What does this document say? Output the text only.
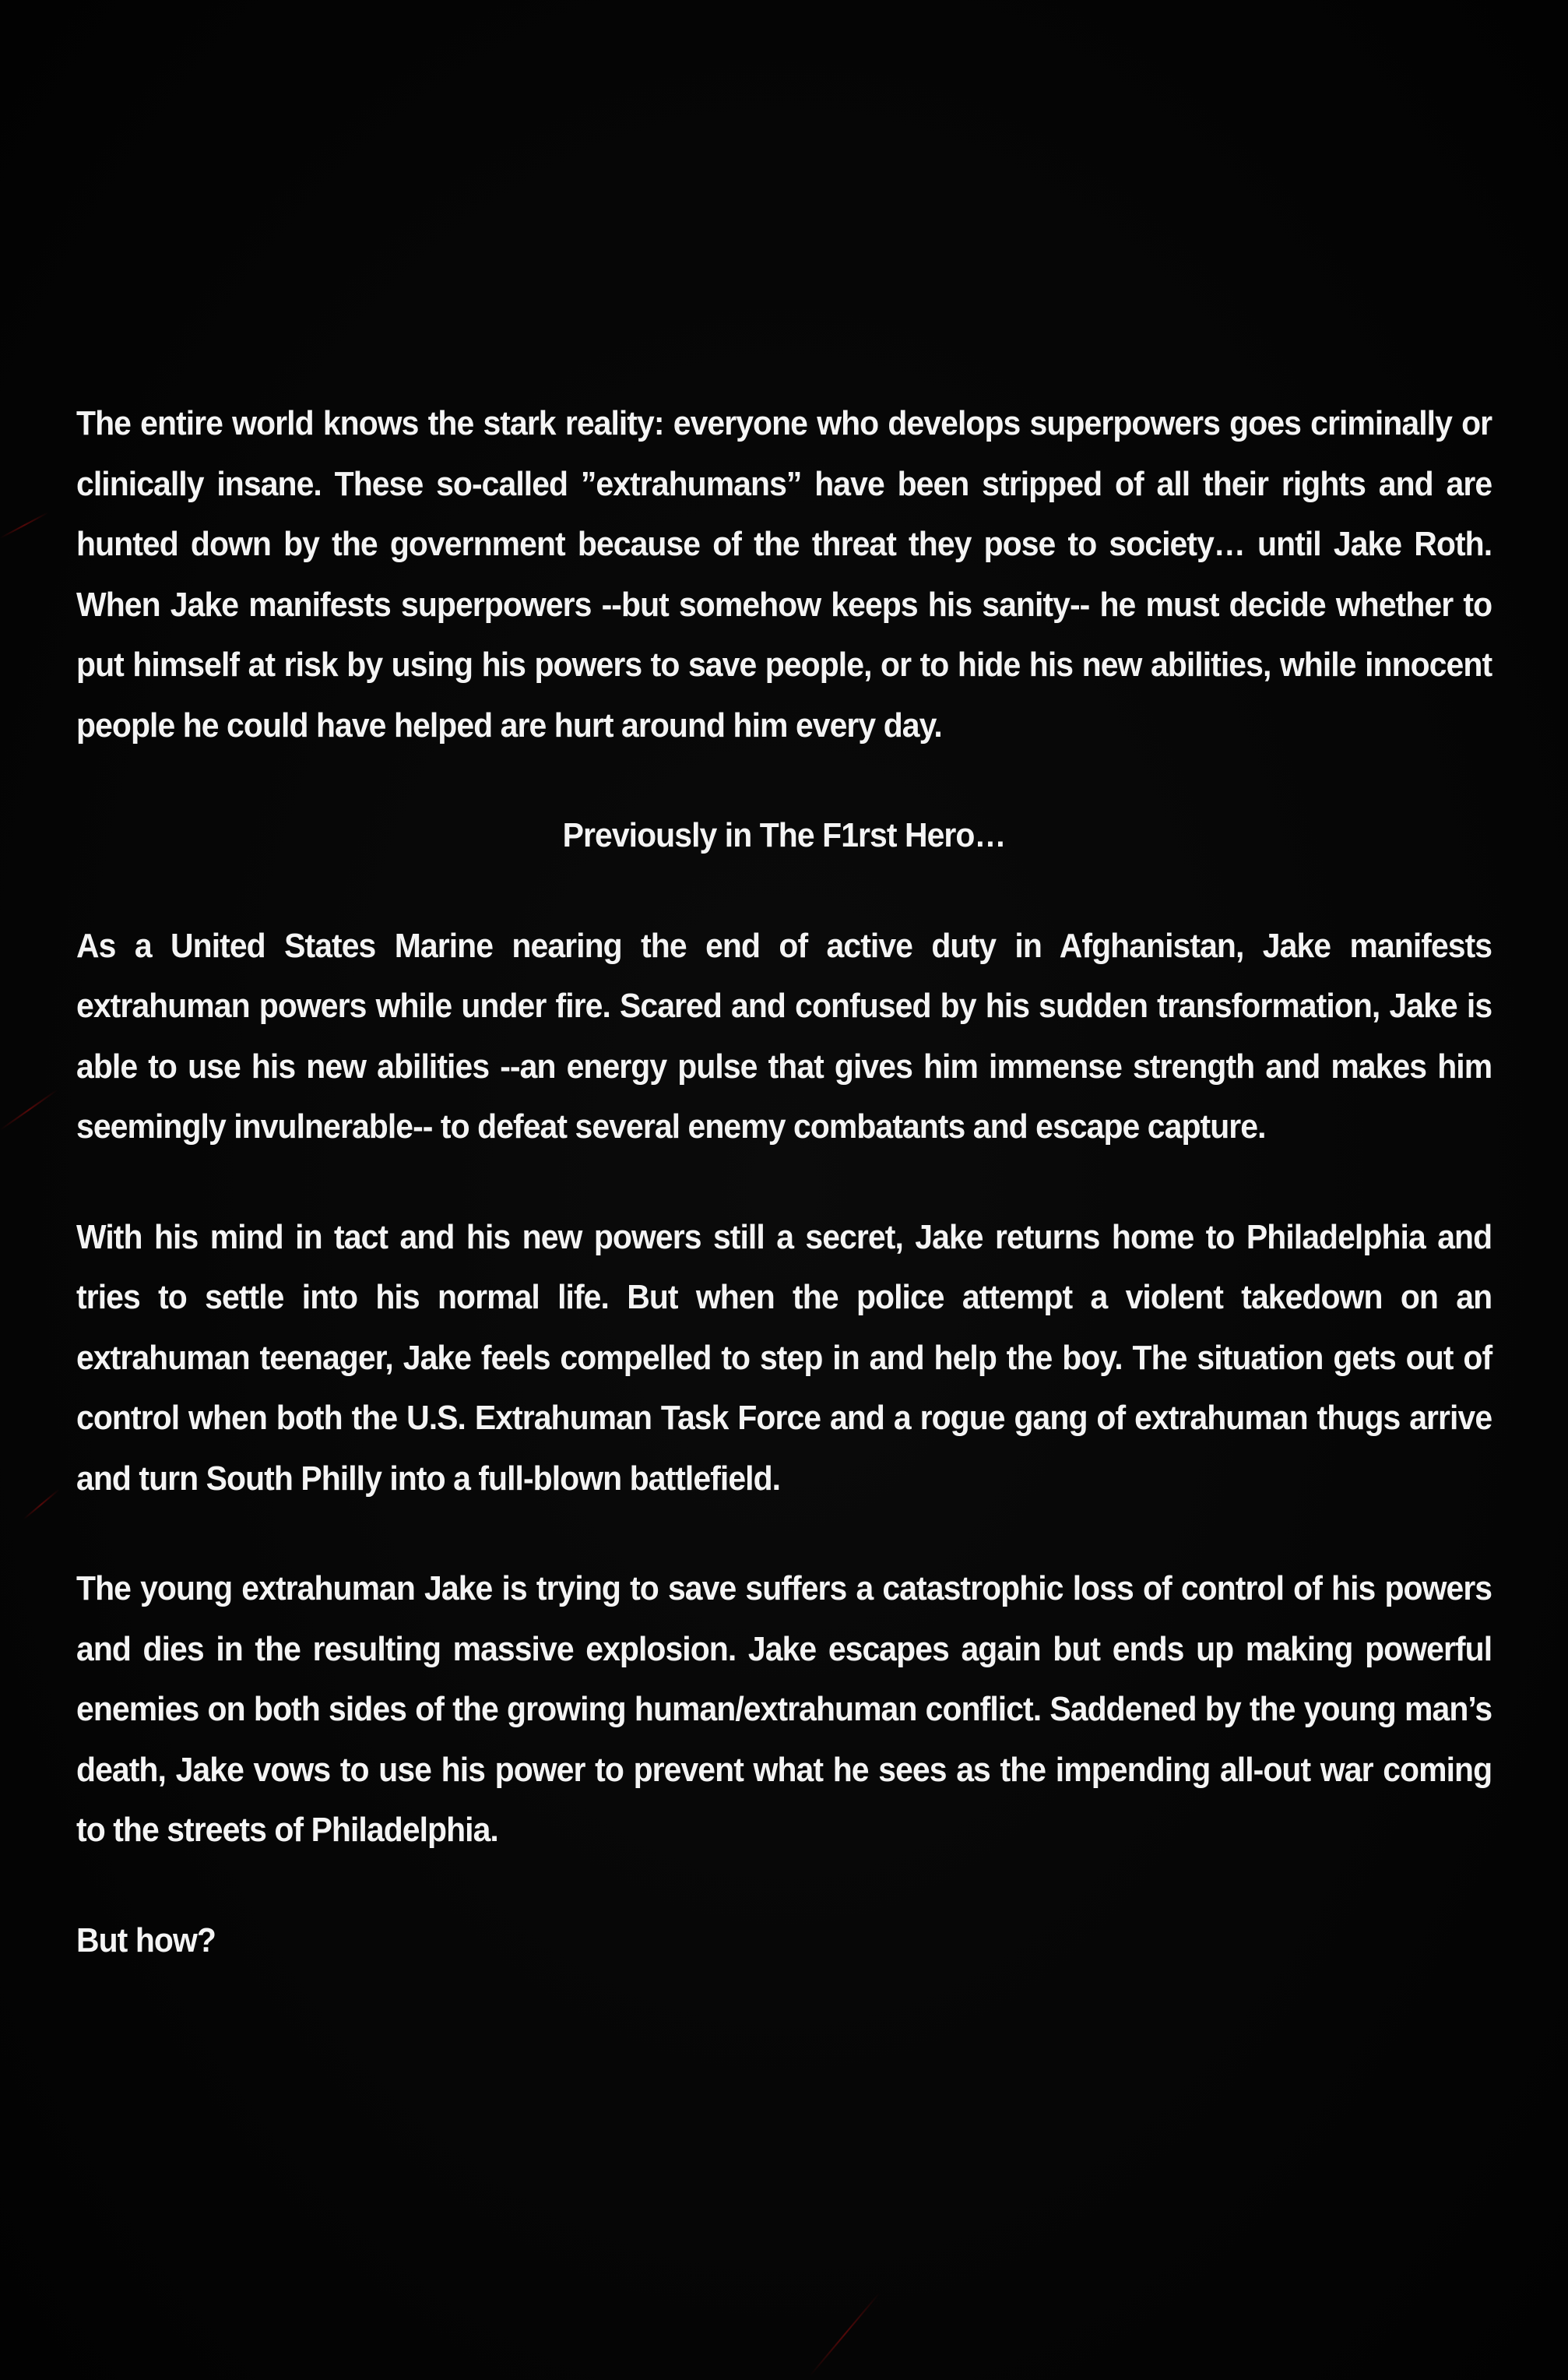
The entire world knows the stark reality: everyone who develops superpowers goes criminally or clinically insane. These so-called ”extrahumans” have been stripped of all their rights and are hunted down by the government because of the threat they pose to society… until Jake Roth. When Jake manifests superpowers --but somehow keeps his sanity-- he must decide whether to put himself at risk by using his powers to save people, or to hide his new abilities, while innocent people he could have helped are hurt around him every day.

Previously in The F1rst Hero…

As a United States Marine nearing the end of active duty in Afghanistan, Jake manifests extrahuman powers while under fire. Scared and confused by his sudden transformation, Jake is able to use his new abilities --an energy pulse that gives him immense strength and makes him seemingly invulnerable-- to defeat several enemy combatants and escape capture.

With his mind in tact and his new powers still a secret, Jake returns home to Philadelphia and tries to settle into his normal life. But when the police attempt a violent takedown on an extrahuman teenager, Jake feels compelled to step in and help the boy. The situation gets out of control when both the U.S. Extrahuman Task Force and a rogue gang of extrahuman thugs arrive and turn South Philly into a full-blown battlefield.

The young extrahuman Jake is trying to save suffers a catastrophic loss of control of his powers and dies in the resulting massive explosion. Jake escapes again but ends up making powerful enemies on both sides of the growing human/extrahuman conflict. Saddened by the young man’s death, Jake vows to use his power to prevent what he sees as the impending all-out war coming to the streets of Philadelphia.

But how?
